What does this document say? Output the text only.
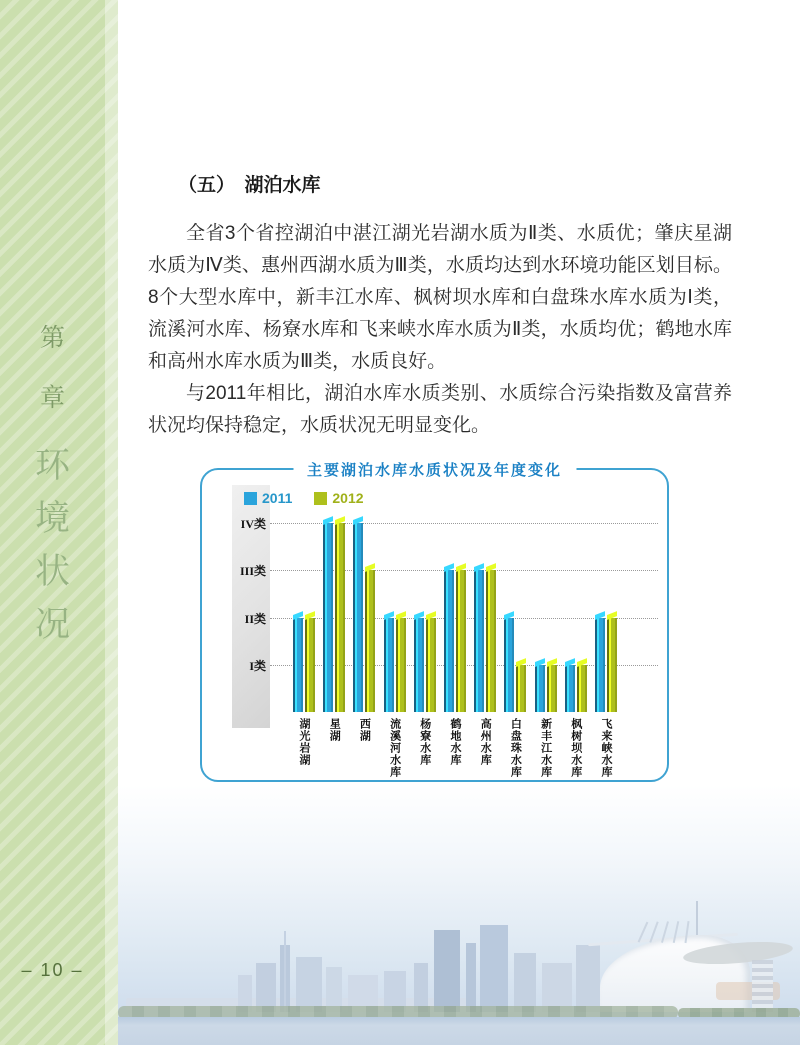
第
章
环
境
状
况
– 10 –
（五）　湖泊水库

全省3个省控湖泊中湛江湖光岩湖水质为Ⅱ类、水质优；肇庆星湖水质为Ⅳ类、惠州西湖水质为Ⅲ类，水质均达到水环境功能区划目标。8个大型水库中，新丰江水库、枫树坝水库和白盘珠水库水质为Ⅰ类，流溪河水库、杨寮水库和飞来峡水库水质为Ⅱ类，水质均优；鹤地水库和高州水库水质为Ⅲ类，水质良好。

与2011年相比，湖泊水库水质类别、水质综合污染指数及富营养状况均保持稳定，水质状况无明显变化。

主要湖泊水库水质状况及年度变化
2011	2012
IV类
III类
II类
I类
湖光岩湖 星湖 西湖 流溪河水库 杨寮水库 鹤地水库 高州水库 白盘珠水库 新丰江水库 枫树坝水库 飞来峡水库
